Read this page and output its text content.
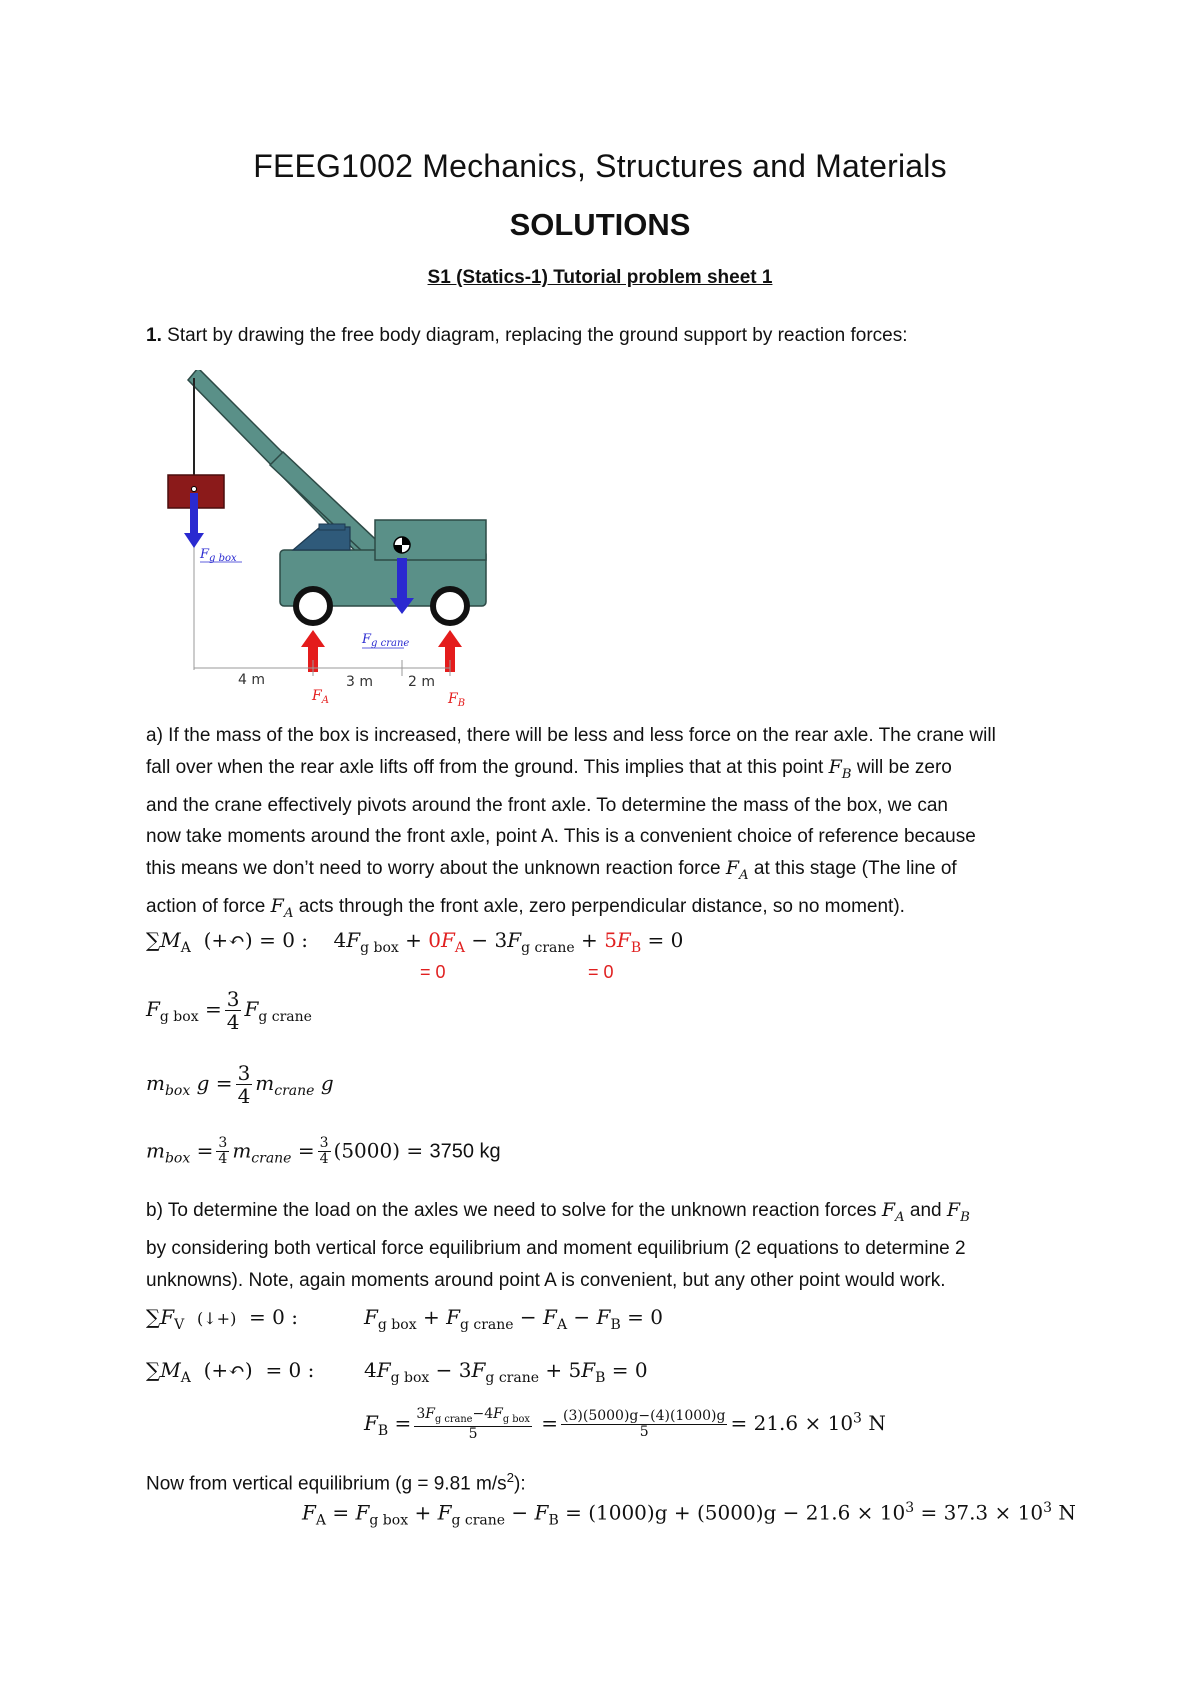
FEEG1002 Mechanics, Structures and Materials
SOLUTIONS
S1 (Statics-1) Tutorial problem sheet 1
1. Start by drawing the free body diagram, replacing the ground support by reaction forces:
$F_{g box}$
$F_{g crane}$
4 m	3 m	2 m
$F_A$	$F_B$
a) If the mass of the box is increased, there will be less and less force on the rear axle. The crane will
fall over when the rear axle lifts off from the ground. This implies that at this point $F_B$ will be zero
and the crane effectively pivots around the front axle. To determine the mass of the box, we can
now take moments around the front axle, point A. This is a convenient choice of reference because
this means we don’t need to worry about the unknown reaction force $F_A$ at this stage (The line of
action of force $F_A$ acts through the front axle, zero perpendicular distance, so no moment).
$\sum M_A$  (+↶) = 0 :    $4F_{g box} + 0F_A - 3F_{g crane} + 5F_B = 0$
= 0	= 0
$F_{g box} = \frac{3}{4} F_{g crane}$
$m_{box}$ $g = \frac{3}{4} m_{crane}$ g
$m_{box} = \frac{3}{4} m_{crane} = \frac{3}{4} (5000) = 3750$ kg
b) To determine the load on the axles we need to solve for the unknown reaction forces $F_A$ and $F_B$
by considering both vertical force equilibrium and moment equilibrium (2 equations to determine 2
unknowns). Note, again moments around point A is convenient, but any other point would work.
$\sum F_V$ (↓+)  = 0 :	$F_{g box} + F_{g crane} - F_A - F_B = 0$
$\sum M_A$  (+↶)  = 0 : $4F_{g box} - 3F_{g crane} + 5F_B = 0$
$F_B = \frac{3F_{g crane}-4F_{g box}}{5} = \frac{(3)(5000)g-(4)(1000)g}{5} = 21.6 \times 10^3$ N
Now from vertical equilibrium (g = 9.81 $m/s^2$):
$F_A = F_{g box} + F_{g crane} - F_B = (1000)g + (5000)g - 21.6 \times 10^3 = 37.3 \times 10^3$ N
